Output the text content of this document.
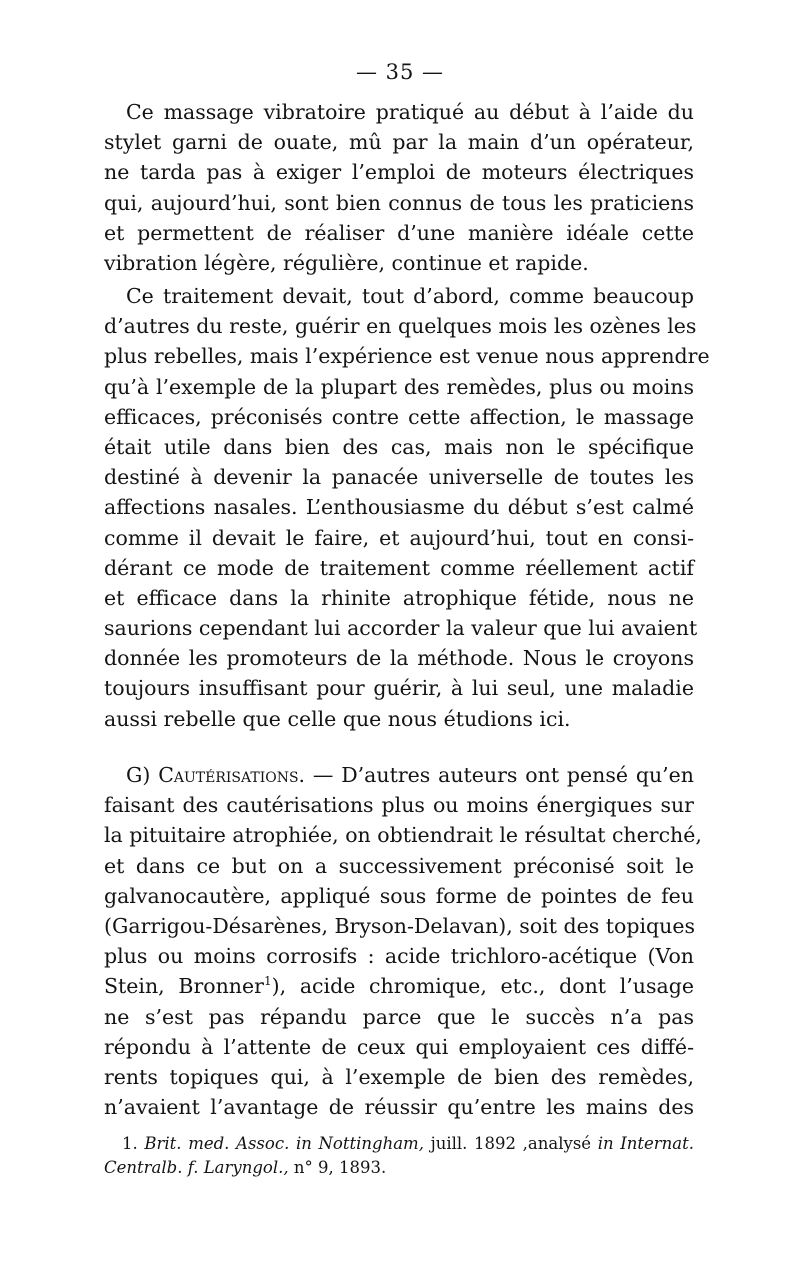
— 35 —
Ce massage vibratoire pratiqué au début à l’aide du
stylet garni de ouate, mû par la main d’un opérateur,
ne tarda pas à exiger l’emploi de moteurs électriques
qui, aujourd’hui, sont bien connus de tous les praticiens
et permettent de réaliser d’une manière idéale cette
vibration légère, régulière, continue et rapide.
Ce traitement devait, tout d’abord, comme beaucoup
d’autres du reste, guérir en quelques mois les ozènes les
plus rebelles, mais l’expérience est venue nous apprendre
qu’à l’exemple de la plupart des remèdes, plus ou moins
efficaces, préconisés contre cette affection, le massage
était utile dans bien des cas, mais non le spécifique
destiné à devenir la panacée universelle de toutes les
affections nasales. L’enthousiasme du début s’est calmé
comme il devait le faire, et aujourd’hui, tout en consi-
dérant ce mode de traitement comme réellement actif
et efficace dans la rhinite atrophique fétide, nous ne
saurions cependant lui accorder la valeur que lui avaient
donnée les promoteurs de la méthode. Nous le croyons
toujours insuffisant pour guérir, à lui seul, une maladie
aussi rebelle que celle que nous étudions ici.
G) Cautérisations. — D’autres auteurs ont pensé qu’en
faisant des cautérisations plus ou moins énergiques sur
la pituitaire atrophiée, on obtiendrait le résultat cherché,
et dans ce but on a successivement préconisé soit le
galvanocautère, appliqué sous forme de pointes de feu
(Garrigou-Désarènes, Bryson-Delavan), soit des topiques
plus ou moins corrosifs : acide trichloro-acétique (Von
Stein, Bronner$^1$), acide chromique, etc., dont l’usage
ne s’est pas répandu parce que le succès n’a pas
répondu à l’attente de ceux qui employaient ces diffé-
rents topiques qui, à l’exemple de bien des remèdes,
n’avaient l’avantage de réussir qu’entre les mains des
1. Brit. med. Assoc. in Nottingham, juill. 1892 ,analysé in Internat.
Centralb. f. Laryngol., n° 9, 1893.
